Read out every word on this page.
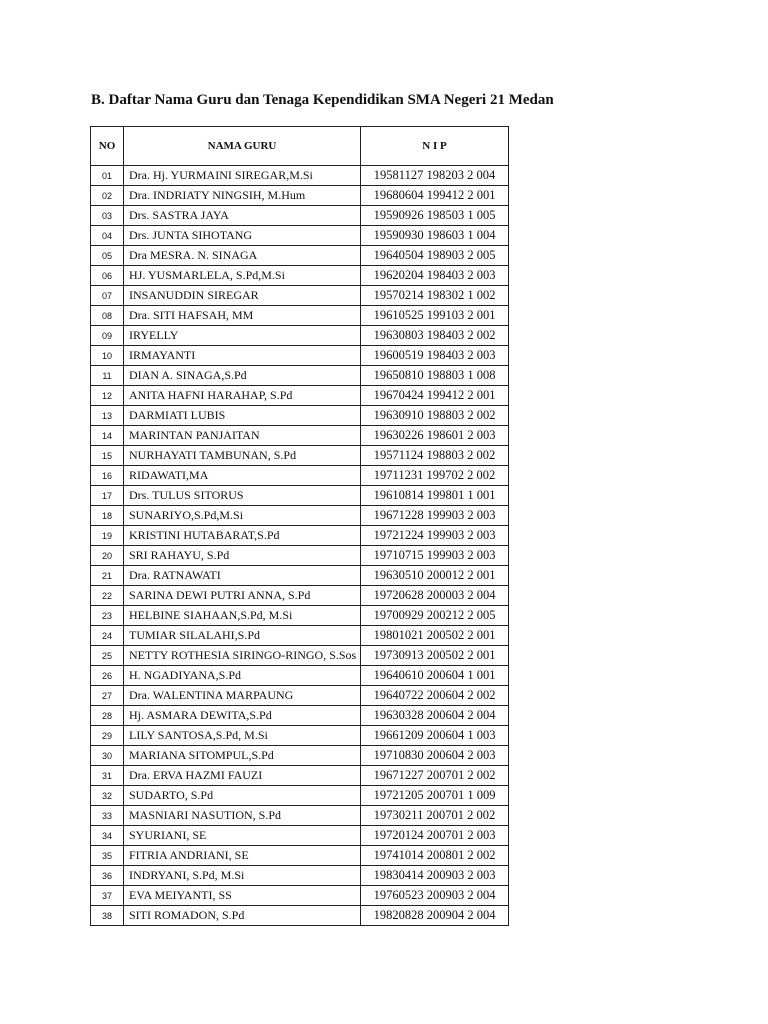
B. Daftar Nama Guru dan Tenaga Kependidikan SMA Negeri 21 Medan
NO	NAMA GURU	N I P
01	Dra. Hj. YURMAINI SIREGAR,M.Si	19581127 198203 2 004
02	Dra. INDRIATY NINGSIH, M.Hum	19680604 199412 2 001
03	Drs. SASTRA JAYA	19590926 198503 1 005
04	Drs. JUNTA SIHOTANG	19590930 198603 1 004
05	Dra MESRA. N. SINAGA	19640504 198903 2 005
06	HJ. YUSMARLELA, S.Pd,M.Si	19620204 198403 2 003
07	INSANUDDIN SIREGAR	19570214 198302 1 002
08	Dra. SITI HAFSAH, MM	19610525 199103 2 001
09	IRYELLY	19630803 198403 2 002
10	IRMAYANTI	19600519 198403 2 003
11	DIAN A. SINAGA,S.Pd	19650810 198803 1 008
12	ANITA HAFNI HARAHAP, S.Pd	19670424 199412 2 001
13	DARMIATI LUBIS	19630910 198803 2 002
14	MARINTAN PANJAITAN	19630226 198601 2 003
15	NURHAYATI TAMBUNAN, S.Pd	19571124 198803 2 002
16	RIDAWATI,MA	19711231 199702 2 002
17	Drs. TULUS SITORUS	19610814 199801 1 001
18	SUNARIYO,S.Pd,M.Si	19671228 199903 2 003
19	KRISTINI HUTABARAT,S.Pd	19721224 199903 2 003
20	SRI RAHAYU, S.Pd	19710715 199903 2 003
21	Dra. RATNAWATI	19630510 200012 2 001
22	SARINA DEWI PUTRI ANNA, S.Pd	19720628 200003 2 004
23	HELBINE SIAHAAN,S.Pd, M.Si	19700929 200212 2 005
24	TUMIAR SILALAHI,S.Pd	19801021 200502 2 001
25	NETTY ROTHESIA SIRINGO-RINGO, S.Sos	19730913 200502 2 001
26	H. NGADIYANA,S.Pd	19640610 200604 1 001
27	Dra. WALENTINA MARPAUNG	19640722 200604 2 002
28	Hj. ASMARA DEWITA,S.Pd	19630328 200604 2 004
29	LILY SANTOSA,S.Pd, M.Si	19661209 200604 1 003
30	MARIANA SITOMPUL,S.Pd	19710830 200604 2 003
31	Dra. ERVA HAZMI FAUZI	19671227 200701 2 002
32	SUDARTO, S.Pd	19721205 200701 1 009
33	MASNIARI NASUTION, S.Pd	19730211 200701 2 002
34	SYURIANI, SE	19720124 200701 2 003
35	FITRIA ANDRIANI, SE	19741014 200801 2 002
36	INDRYANI, S.Pd, M.Si	19830414 200903 2 003
37	EVA MEIYANTI, SS	19760523 200903 2 004
38	SITI ROMADON, S.Pd	19820828 200904 2 004
